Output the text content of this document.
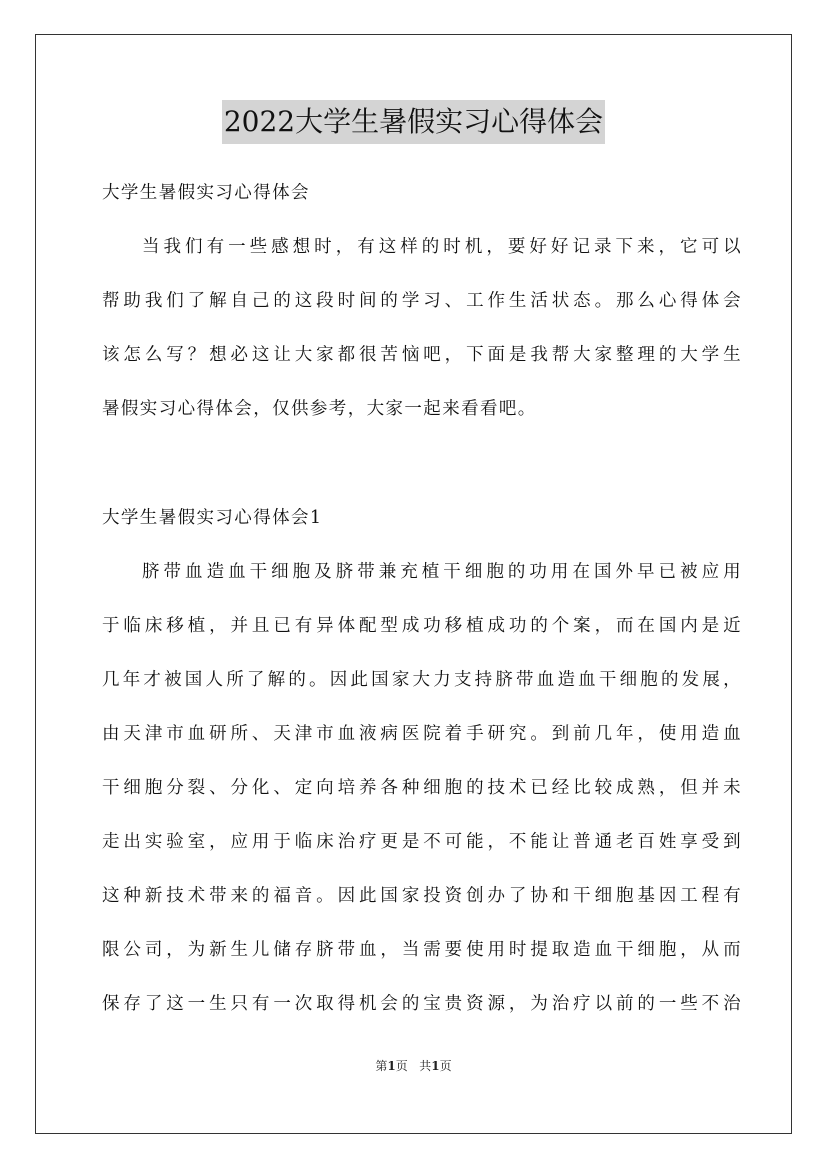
2022大学生暑假实习心得体会
大学生暑假实习心得体会
当我们有一些感想时，有这样的时机，要好好记录下来，它可以
帮助我们了解自己的这段时间的学习、工作生活状态。那么心得体会
该怎么写？想必这让大家都很苦恼吧，下面是我帮大家整理的大学生
暑假实习心得体会，仅供参考，大家一起来看看吧。
大学生暑假实习心得体会1
脐带血造血干细胞及脐带兼充植干细胞的功用在国外早已被应用
于临床移植，并且已有异体配型成功移植成功的个案，而在国内是近
几年才被国人所了解的。因此国家大力支持脐带血造血干细胞的发展，
由天津市血研所、天津市血液病医院着手研究。到前几年，使用造血
干细胞分裂、分化、定向培养各种细胞的技术已经比较成熟，但并未
走出实验室，应用于临床治疗更是不可能，不能让普通老百姓享受到
这种新技术带来的福音。因此国家投资创办了协和干细胞基因工程有
限公司，为新生儿储存脐带血，当需要使用时提取造血干细胞，从而
保存了这一生只有一次取得机会的宝贵资源，为治疗以前的一些不治
第1页 共1页
